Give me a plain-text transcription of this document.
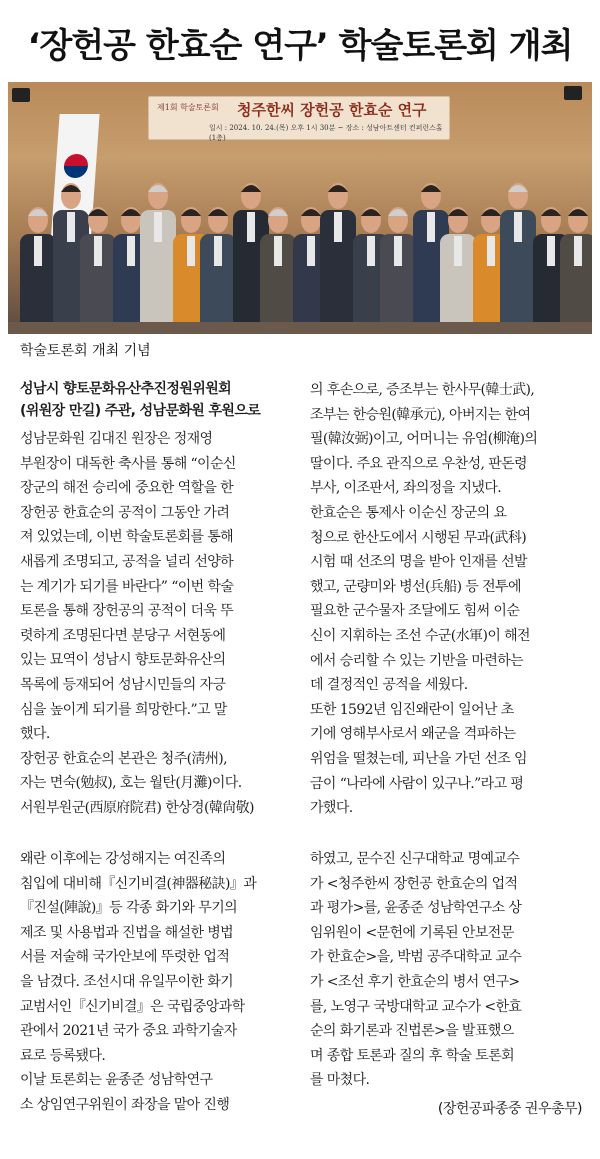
‘장헌공 한효순 연구’ 학술토론회 개최
제1회 학술토론회 청주한씨 장헌공 한효순 연구
일시 : 2024. 10. 24.(목) 오후 1시 30분 ~ 장소 : 성남아트센터 컨퍼런스홀(1층)
학술토론회 개최 기념
성남시 향토문화유산추진정원위원회
(위원장 만길) 주관, 성남문화원 후원으로

성남문화원 김대진 원장은 정재영

부원장이 대독한 축사를 통해 “이순신

장군의 해전 승리에 중요한 역할을 한

장헌공 한효순의 공적이 그동안 가려

져 있었는데, 이번 학술토론회를 통해

새롭게 조명되고, 공적을 널리 선양하

는 계기가 되기를 바란다” “이번 학술

토론을 통해 장헌공의 공적이 더욱 뚜

렷하게 조명된다면 분당구 서현동에

있는 묘역이 성남시 향토문화유산의

목록에 등재되어 성남시민들의 자긍

심을 높이게 되기를 희망한다.”고 말

했다.

장헌공 한효순의 본관은 청주(淸州),

자는 면숙(勉叔), 호는 월탄(月灘)이다.

서원부원군(西原府院君) 한상경(韓尙敬)

의 후손으로, 증조부는 한사무(韓士武),

조부는 한승원(韓承元), 아버지는 한여

필(韓汝弼)이고, 어머니는 유엄(柳淹)의

딸이다. 주요 관직으로 우찬성, 판돈령

부사, 이조판서, 좌의정을 지냈다.

한효순은 통제사 이순신 장군의 요

청으로 한산도에서 시행된 무과(武科)

시험 때 선조의 명을 받아 인재를 선발

했고, 군량미와 병선(兵船) 등 전투에

필요한 군수물자 조달에도 힘써 이순

신이 지휘하는 조선 수군(水軍)이 해전

에서 승리할 수 있는 기반을 마련하는

데 결정적인 공적을 세웠다.

또한 1592년 임진왜란이 일어난 초

기에 영해부사로서 왜군을 격파하는

위엄을 떨쳤는데, 피난을 가던 선조 임

금이 “나라에 사람이 있구나.”라고 평

가했다.

왜란 이후에는 강성해지는 여진족의

침입에 대비해『신기비결(神器秘訣)』과

『진설(陣說)』등 각종 화기와 무기의

제조 및 사용법과 진법을 해설한 병법

서를 저술해 국가안보에 뚜렷한 업적

을 남겼다. 조선시대 유일무이한 화기

교범서인『신기비결』은 국립중앙과학

관에서 2021년 국가 중요 과학기술자

료로 등록됐다.

이날 토론회는 윤종준 성남학연구

소 상임연구위원이 좌장을 맡아 진행

하였고, 문수진 신구대학교 명예교수

가 <청주한씨 장헌공 한효순의 업적

과 평가>를, 윤종준 성남학연구소 상

임위원이 <문헌에 기록된 안보전문

가 한효순>을, 박범 공주대학교 교수

가 <조선 후기 한효순의 병서 연구>

를, 노영구 국방대학교 교수가 <한효

순의 화기론과 진법론>을 발표했으

며 종합 토론과 질의 후 학술 토론회

를 마쳤다.

(장헌공파종중 권우총무)
